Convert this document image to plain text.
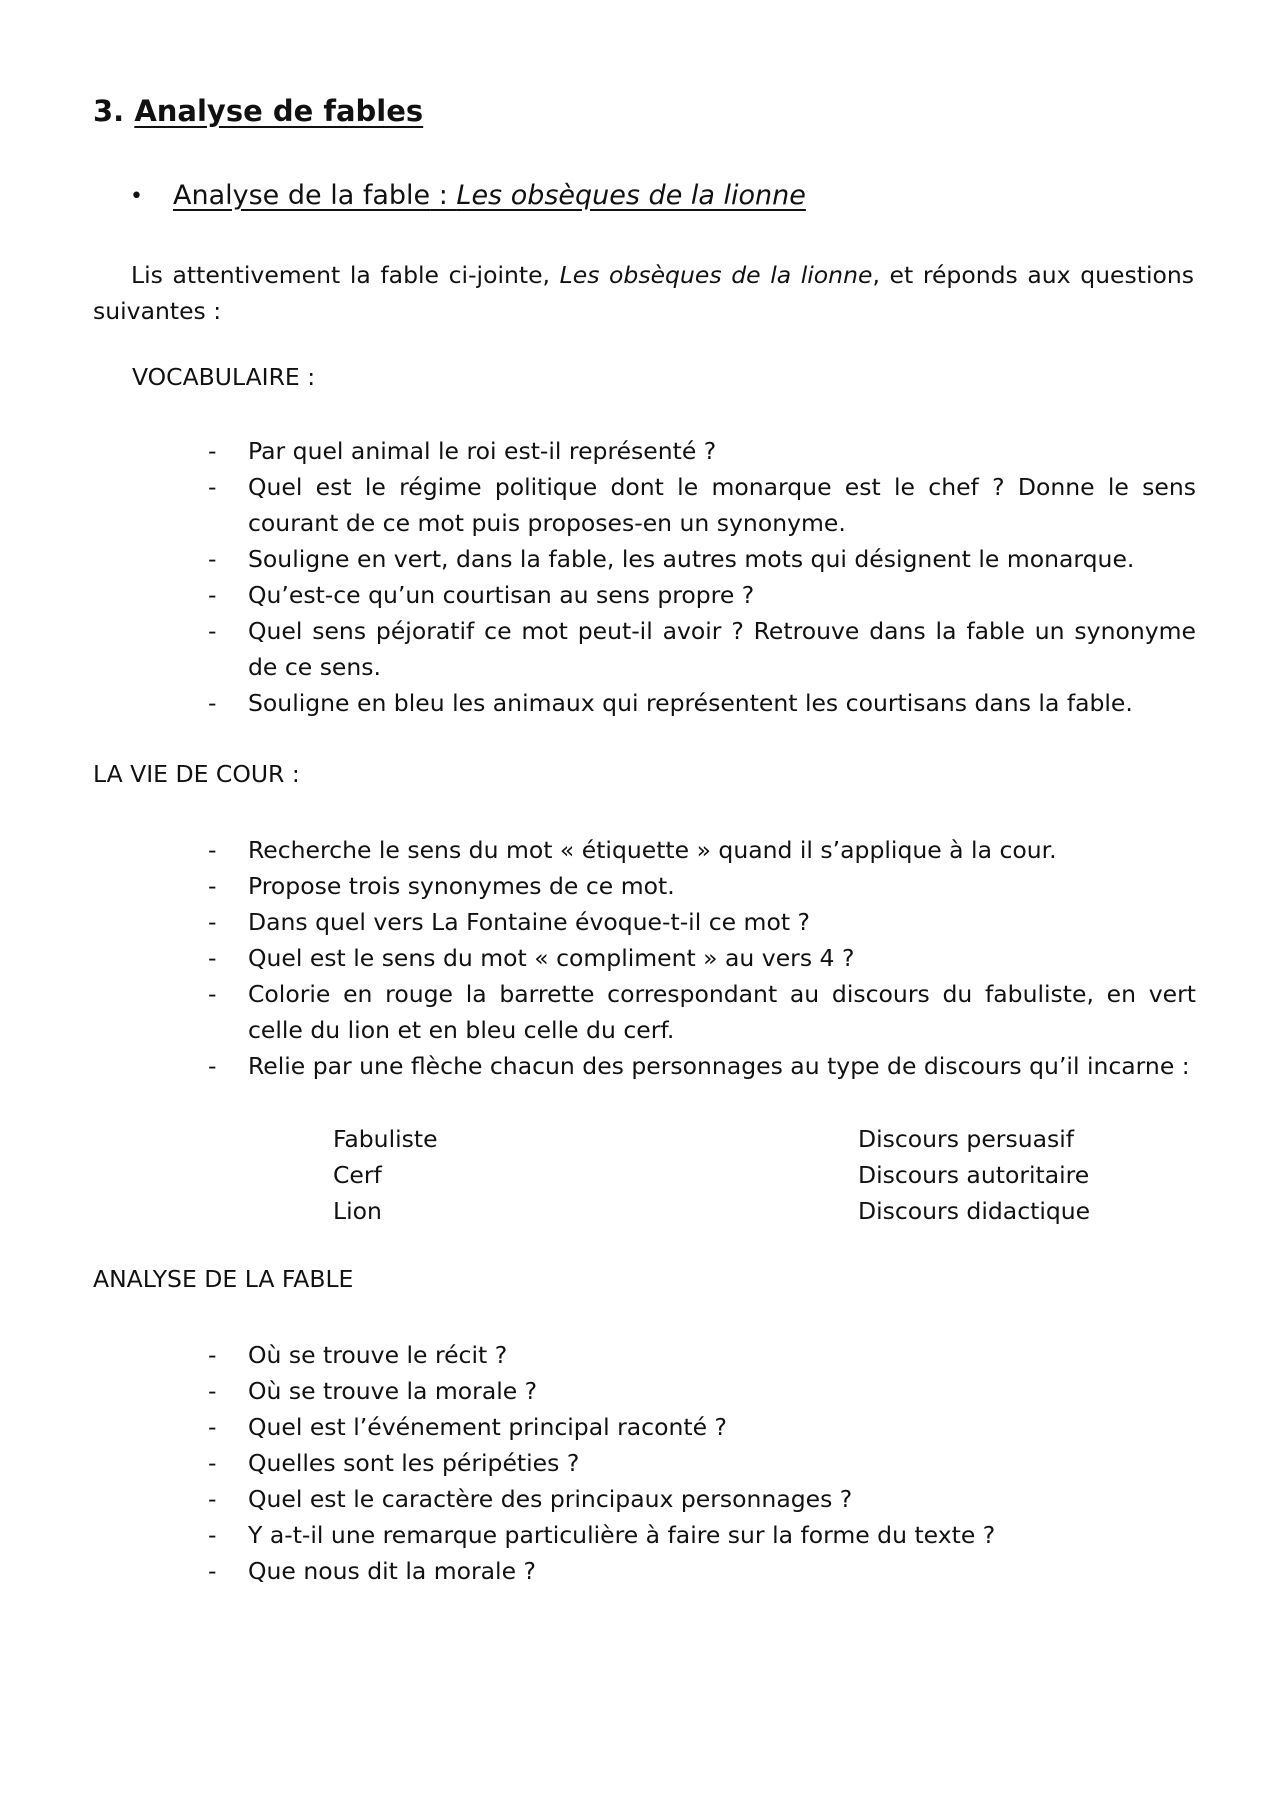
3. Analyse de fables
• Analyse de la fable : Les obsèques de la lionne
Lis attentivement la fable ci-jointe, Les obsèques de la lionne, et réponds aux questions
suivantes :
VOCABULAIRE :
- Par quel animal le roi est-il représenté ?
- Quel est le régime politique dont le monarque est le chef ? Donne le sens
courant de ce mot puis proposes-en un synonyme.
- Souligne en vert, dans la fable, les autres mots qui désignent le monarque.
- Qu’est-ce qu’un courtisan au sens propre ?
- Quel sens péjoratif ce mot peut-il avoir ? Retrouve dans la fable un synonyme
de ce sens.
- Souligne en bleu les animaux qui représentent les courtisans dans la fable.
LA VIE DE COUR :
- Recherche le sens du mot « étiquette » quand il s’applique à la cour.
- Propose trois synonymes de ce mot.
- Dans quel vers La Fontaine évoque-t-il ce mot ?
- Quel est le sens du mot « compliment » au vers 4 ?
- Colorie en rouge la barrette correspondant au discours du fabuliste, en vert
celle du lion et en bleu celle du cerf.
- Relie par une flèche chacun des personnages au type de discours qu’il incarne :
Fabuliste
Cerf
Lion
Discours persuasif
Discours autoritaire
Discours didactique
ANALYSE DE LA FABLE
- Où se trouve le récit ?
- Où se trouve la morale ?
- Quel est l’événement principal raconté ?
- Quelles sont les péripéties ?
- Quel est le caractère des principaux personnages ?
- Y a-t-il une remarque particulière à faire sur la forme du texte ?
- Que nous dit la morale ?
